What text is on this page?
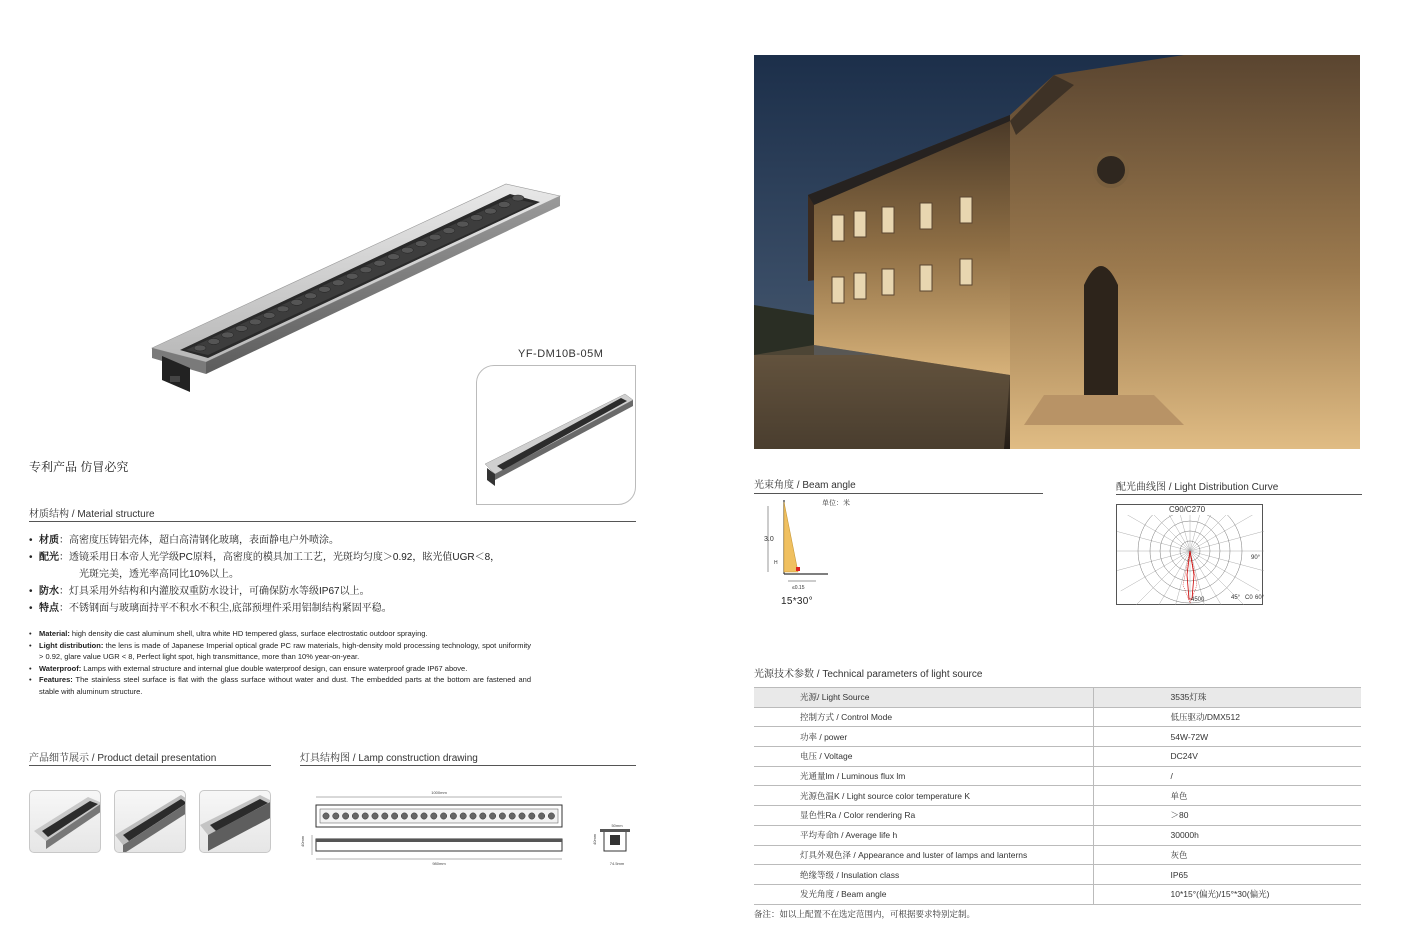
YF-DM10B-05M
专利产品 仿冒必究
材质结构 / Material structure
• 材质：高密度压铸铝壳体，超白高清钢化玻璃，表面静电户外喷涂。
• 配光：透镜采用日本帝人光学级PC原料，高密度的模具加工工艺，光斑均匀度＞0.92，眩光值UGR＜8，
光斑完美，透光率高同比10%以上。
• 防水：灯具采用外结构和内灌胶双重防水设计，可确保防水等级IP67以上。
• 特点：不锈钢面与玻璃面持平不积水不积尘,底部预埋件采用铝制结构紧固平稳。
• Material: high density die cast aluminum shell, ultra white HD tempered glass, surface electrostatic outdoor spraying.
• Light distribution: the lens is made of Japanese Imperial optical grade PC raw materials, high-density mold processing technology, spot uniformity > 0.92, glare value UGR < 8, Perfect light spot, high transmittance, more than 10% year-on-year.
• Waterproof: Lamps with external structure and internal glue double waterproof design, can ensure waterproof grade IP67 above.
• Features: The stainless steel surface is flat with the glass surface without water and dust. The embedded parts at the bottom are fastened and stable with aluminum structure.
产品细节展示 / Product detail presentation	灯具结构图 / Lamp construction drawing
1000mm
40mm
980mm
50mm
40mm
74.5mm
光束角度 / Beam angle
单位：米
3.0
H
≤0.15
15*30°
配光曲线图 / Light Distribution Curve
C90/C270
90°
45° 60°
C0
4500
光源技术参数 / Technical parameters of light source
光源/ Light Source	3535灯珠
控制方式 / Control Mode	低压驱动/DMX512
功率 / power	54W-72W
电压 / Voltage	DC24V
光通量lm / Luminous flux lm	/
光源色温K / Light source color temperature K	单色
显色性Ra / Color rendering Ra	＞80
平均寿命h / Average life h	30000h
灯具外观色泽 / Appearance and luster of lamps and lanterns	灰色
绝缘等级 / Insulation class	IP65
发光角度 / Beam angle	10*15°(偏光)/15°*30(偏光)
备注：如以上配置不在选定范围内，可根据要求特别定制。
